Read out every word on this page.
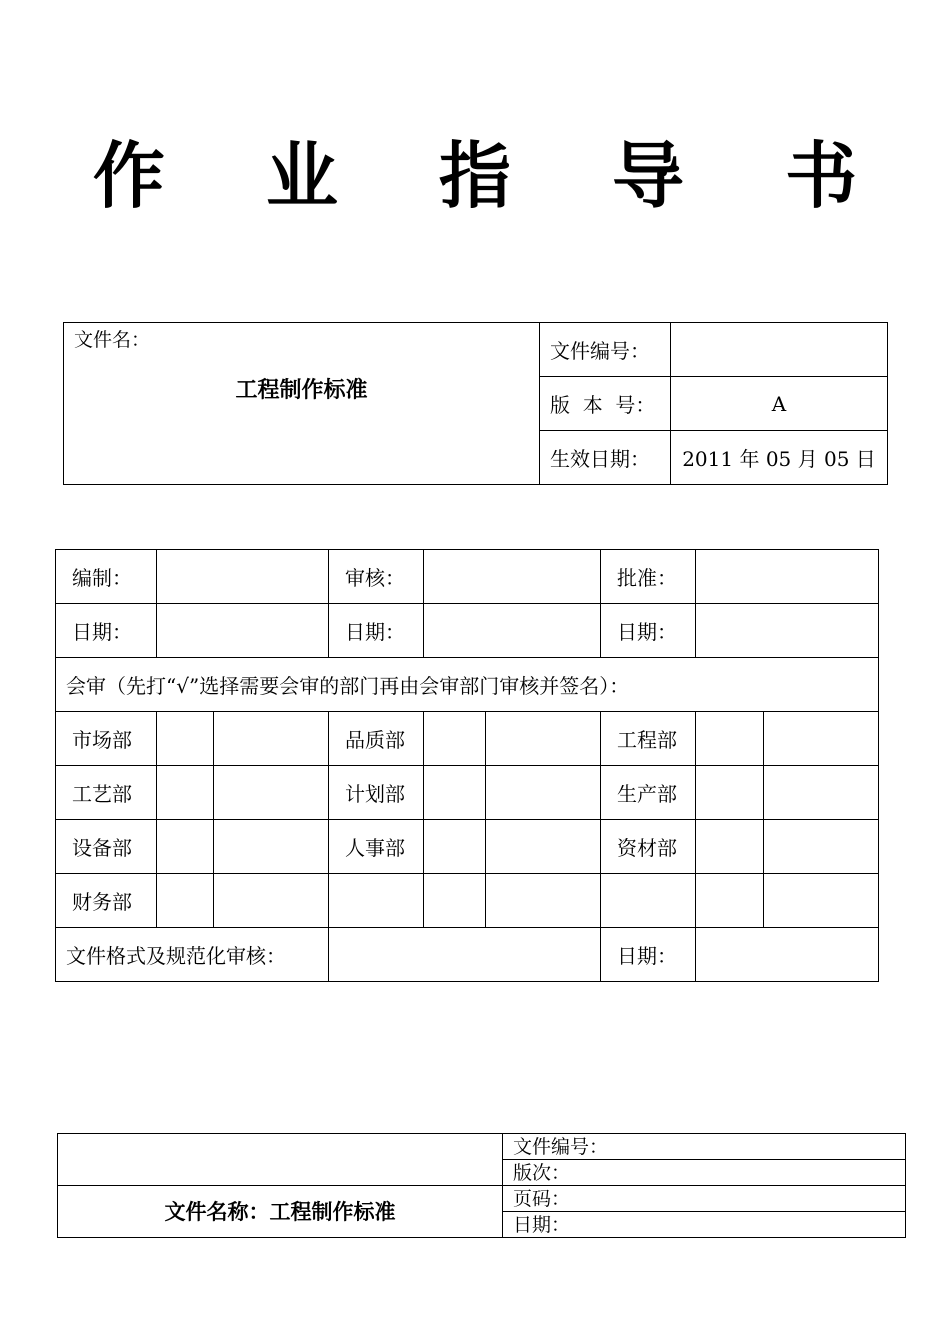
作 业 指 导 书
文件名：
工程制作标准	文件编号：	
	版  本  号：	A
	生效日期：	2011 年 05 月 05 日
编制：			审核：			批准：		
日期：			日期：			日期：		
会审（先打“√”选择需要会审的部门再由会审部门审核并签名）：								
市场部			品质部			工程部		
工艺部			计划部			生产部		
设备部			人事部			资材部		
财务部								
文件格式及规范化审核：						日期：		
	文件编号：
	版次：
文件名称：工程制作标准	页码：
	日期：
